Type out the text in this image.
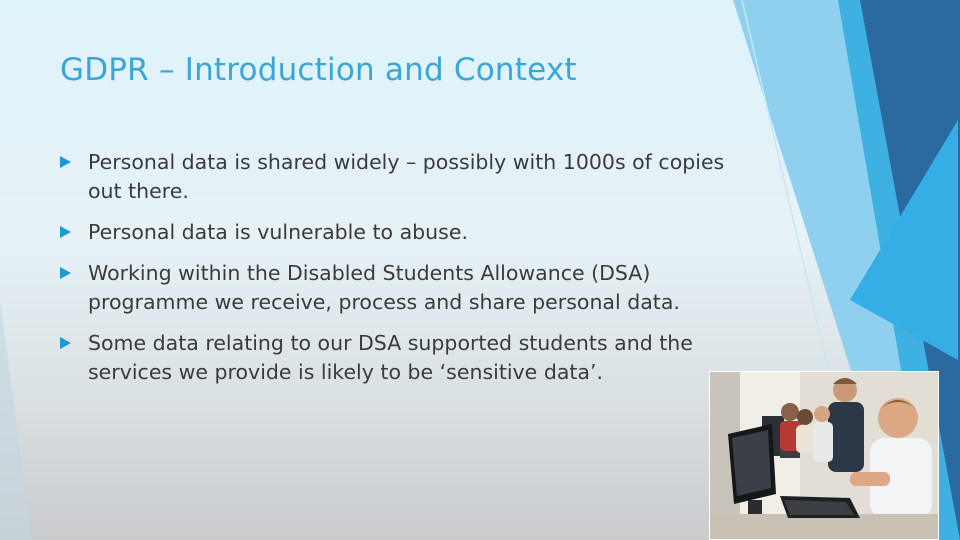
GDPR – Introduction and Context
Personal data is shared widely – possibly with 1000s of copies out there.
Personal data is vulnerable to abuse.
Working within the Disabled Students Allowance (DSA) programme we receive, process and share personal data.
Some data relating to our DSA supported students and the services we provide is likely to be ‘sensitive data’.
